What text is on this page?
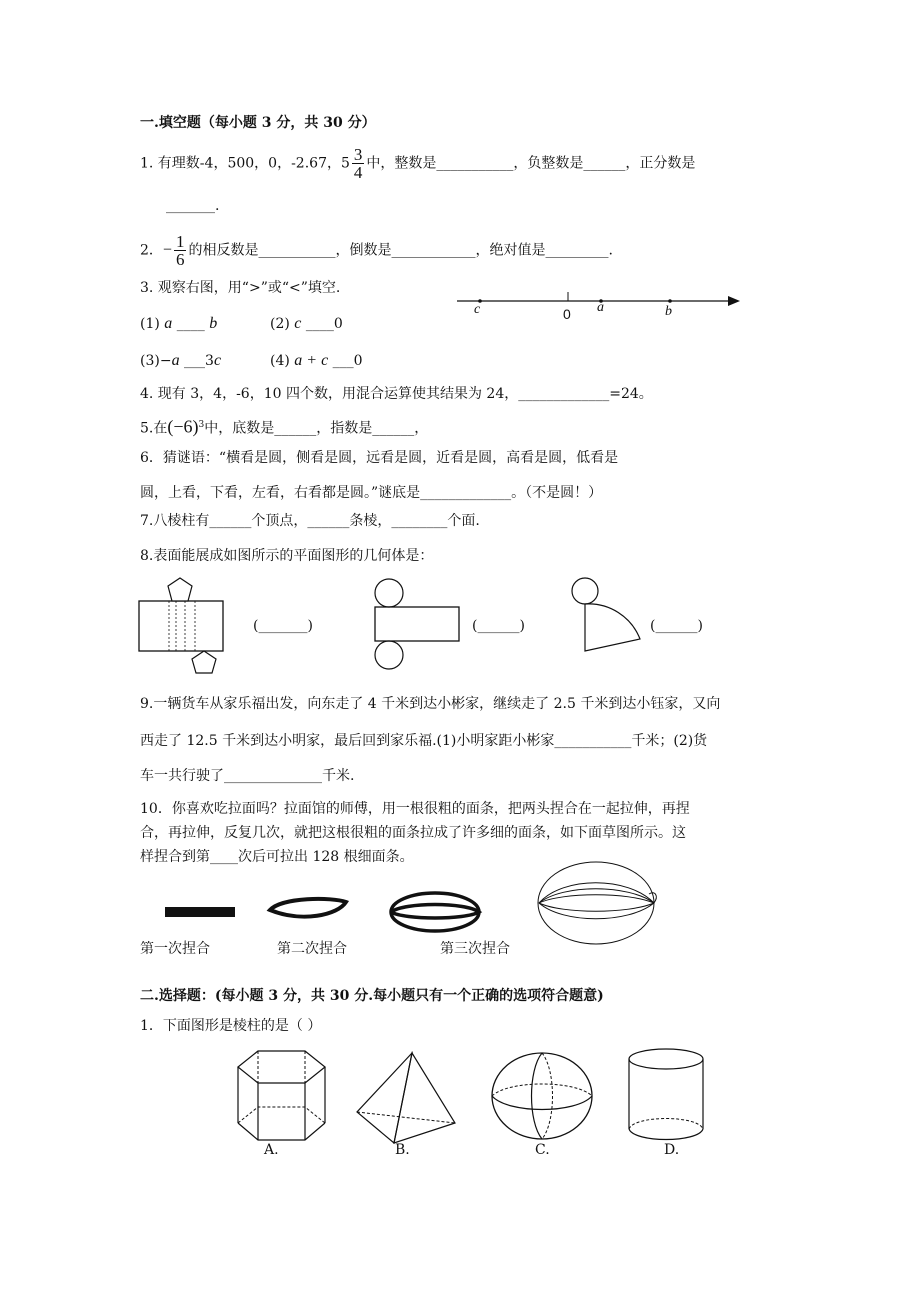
一.填空题（每小题 3 分，共 30 分）
1. 有理数-4，500，0，-2.67，$5 \frac{3}{4}$ 中，整数是___________，负整数是______，正分数是
_______.
2．− $\frac{1}{6}$ 的相反数是___________，倒数是____________，绝对值是_________.
3. 观察右图，用“>”或“<”填空.
(1) a ____ b	(2) c ____0
(3)−a ___3c	(4) a + c ___0
c	0 a	b
4. 现有 3，4，-6，10 四个数，用混合运算使其结果为 24，_____________=24。
5.在$(-6)^3$中，底数是______，指数是______，
6．猜谜语：“横看是圆，侧看是圆，远看是圆，近看是圆，高看是圆，低看是
圆，上看，下看，左看，右看都是圆。”谜底是_____________。（不是圆！）
7.八棱柱有______个顶点，______条棱，________个面.
8.表面能展成如图所示的平面图形的几何体是：
(_______)	(______)	(______)
9.一辆货车从家乐福出发，向东走了 4 千米到达小彬家，继续走了 2.5 千米到达小钰家，又向
西走了 12.5 千米到达小明家，最后回到家乐福.(1)小明家距小彬家___________千米；(2)货
车一共行驶了______________千米.
10．你喜欢吃拉面吗？拉面馆的师傅，用一根很粗的面条，把两头捏合在一起拉伸，再捏
合，再拉伸，反复几次，就把这根很粗的面条拉成了许多细的面条，如下面草图所示。这
样捏合到第____次后可拉出 128 根细面条。
第一次捏合	第二次捏合	第三次捏合
二.选择题：(每小题 3 分，共 30 分.每小题只有一个正确的选项符合题意)
1．下面图形是棱柱的是（ ）
A.	B.	C.	D.
